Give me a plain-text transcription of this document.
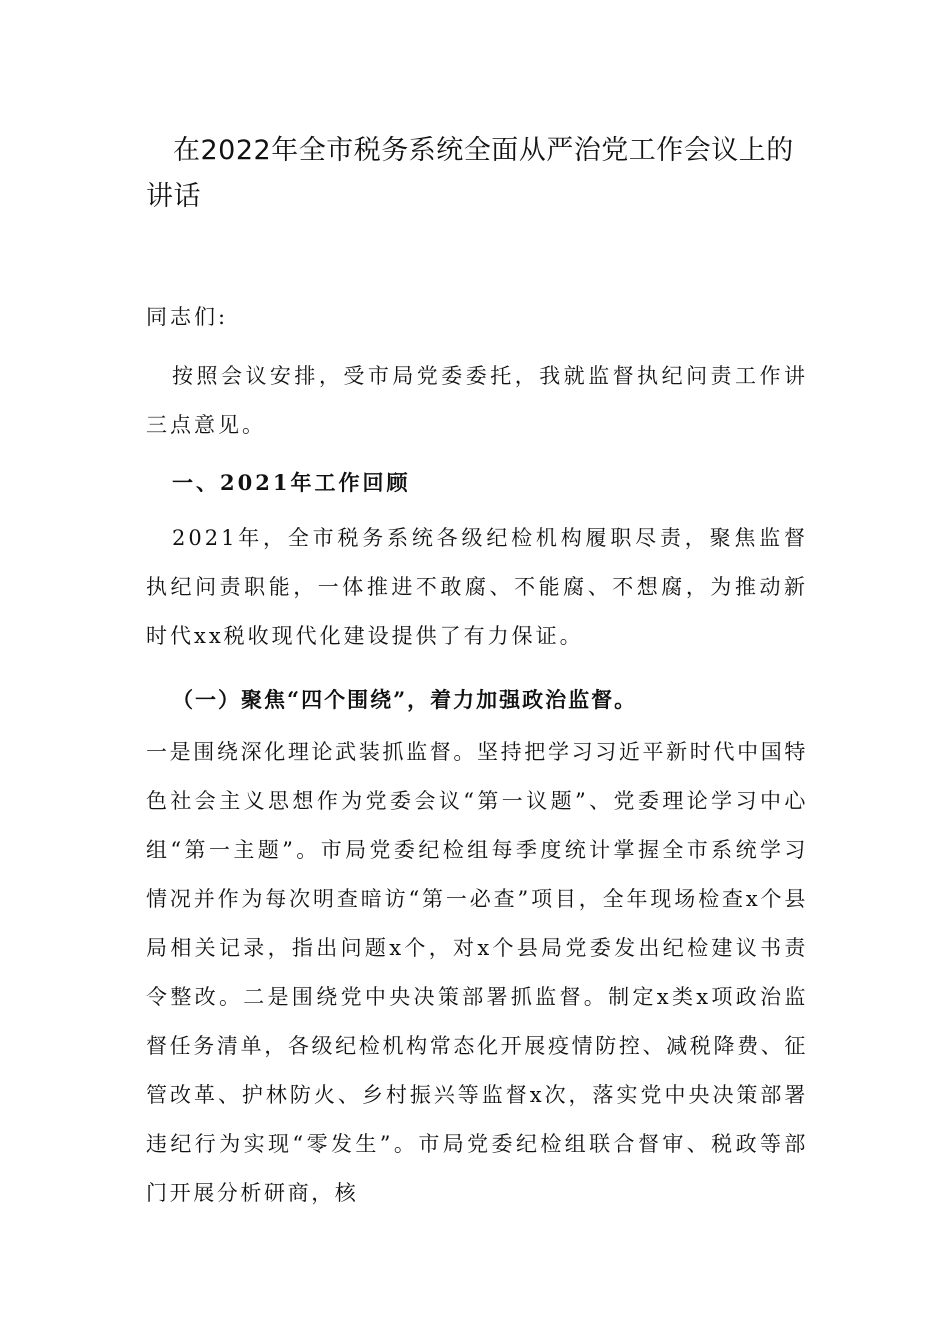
在2022年全市税务系统全面从严治党工作会议上的讲话

同志们:

按照会议安排，受市局党委委托，我就监督执纪问责工作讲三点意见。

一、2021年工作回顾

2021年，全市税务系统各级纪检机构履职尽责，聚焦监督执纪问责职能，一体推进不敢腐、不能腐、不想腐，为推动新时代xx税收现代化建设提供了有力保证。

（一）聚焦“四个围绕”，着力加强政治监督。

一是围绕深化理论武装抓监督。坚持把学习习近平新时代中国特色社会主义思想作为党委会议“第一议题”、党委理论学习中心组“第一主题”。市局党委纪检组每季度统计掌握全市系统学习情况并作为每次明查暗访“第一必查”项目，全年现场检查x个县局相关记录，指出问题x个，对x个县局党委发出纪检建议书责令整改。二是围绕党中央决策部署抓监督。制定x类x项政治监督任务清单，各级纪检机构常态化开展疫情防控、减税降费、征管改革、护林防火、乡村振兴等监督x次，落实党中央决策部署违纪行为实现“零发生”。市局党委纪检组联合督审、税政等部门开展分析研商，核
